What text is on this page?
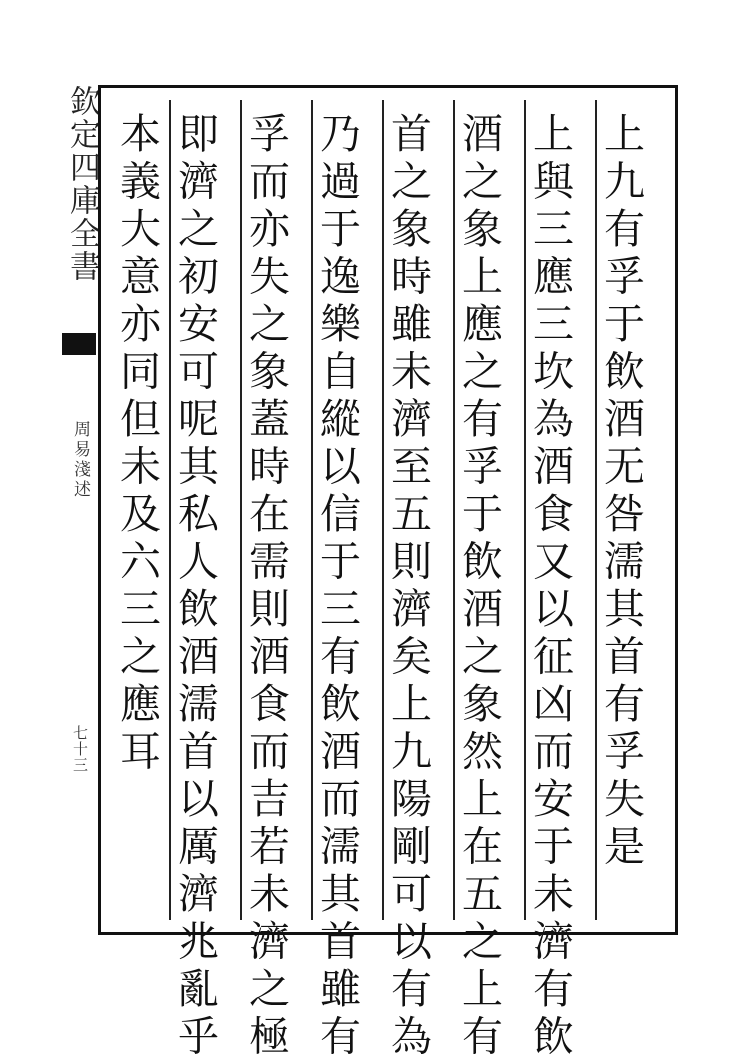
欽定四庫全書
周易淺述
七十三	上九有孚于飲酒无咎濡其首有孚失是
上與三應三坎為酒食又以征凶而安于未濟有飲
酒之象上應之有孚于飲酒之象然上在五之上有
首之象時雖未濟至五則濟矣上九陽剛可以有為
乃過于逸樂自縱以信于三有飲酒而濡其首雖有
孚而亦失之象蓋時在需則酒食而吉若未濟之極
即濟之初安可呢其私人飲酒濡首以厲濟兆亂乎
本義大意亦同但未及六三之應耳
